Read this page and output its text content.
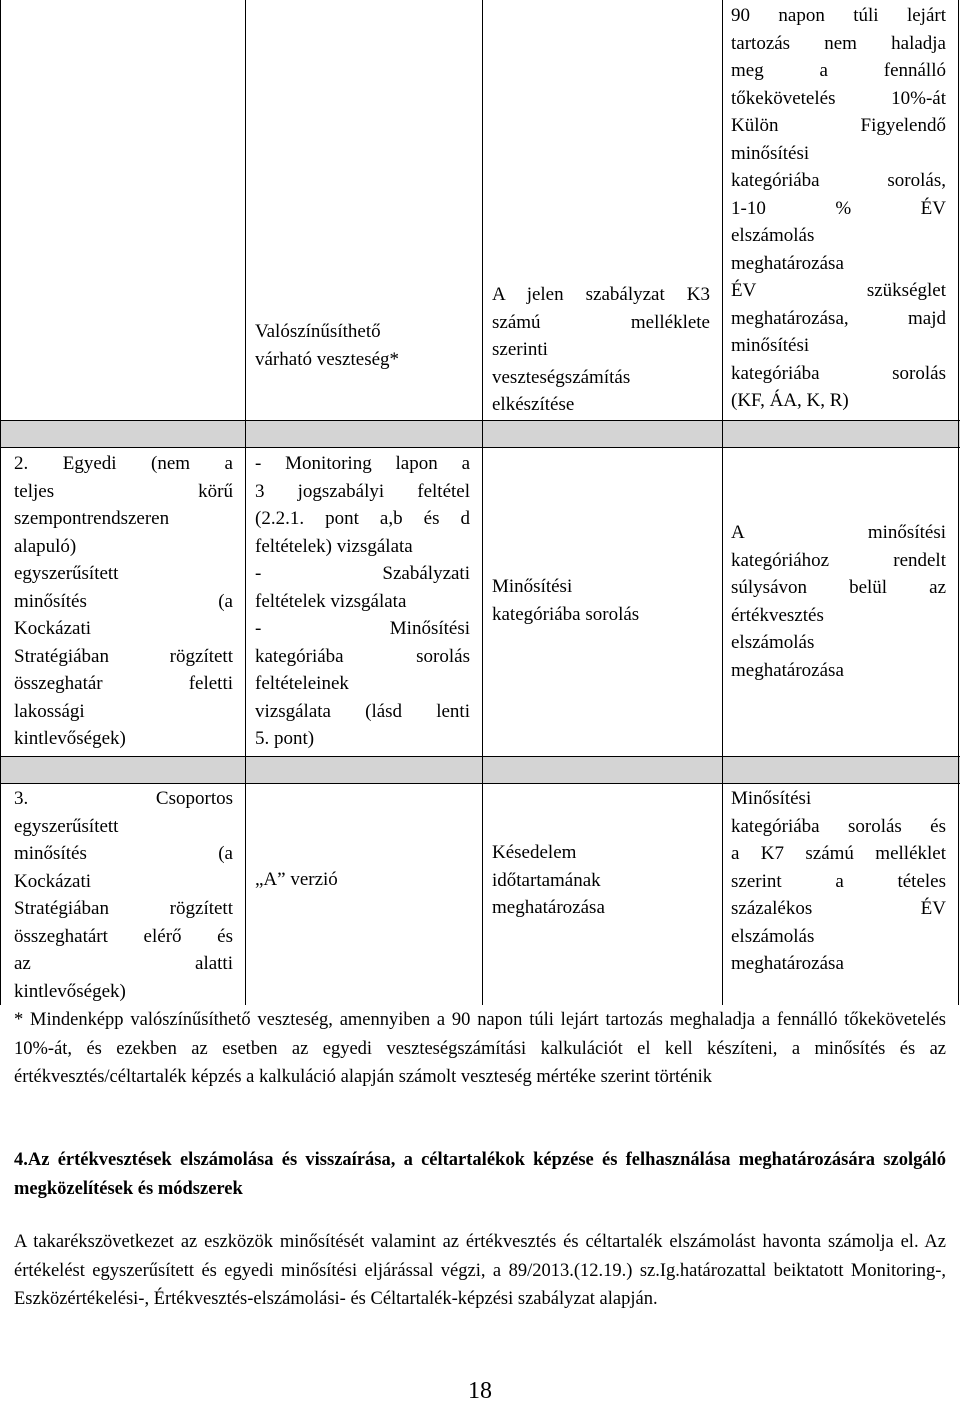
Valószínűsíthető
várható veszteség*
A jelen szabályzat K3
számú melléklete
szerinti
veszteségszámítás
elkészítése
90 napon túli lejárt
tartozás nem haladja
meg a fennálló
tőkekövetelés 10%-át
Külön Figyelendő
minősítési
kategóriába sorolás,
1-10 % ÉV
elszámolás
meghatározása
ÉV szükséglet
meghatározása, majd
minősítési
kategóriába sorolás
(KF, ÁA, K, R)
2. Egyedi (nem a
teljes körű
szempontrendszeren
alapuló)
egyszerűsített
minősítés (a
Kockázati
Stratégiában rögzített
összeghatár feletti
lakossági
kintlevőségek)
- Monitoring lapon a
3 jogszabályi feltétel
(2.2.1. pont a,b és d
feltételek) vizsgálata
- Szabályzati
feltételek vizsgálata
- Minősítési
kategóriába sorolás
feltételeinek
vizsgálata (lásd lenti
5. pont)
Minősítési
kategóriába sorolás
A minősítési
kategóriához rendelt
súlysávon belül az
értékvesztés
elszámolás
meghatározása
3. Csoportos
egyszerűsített
minősítés (a
Kockázati
Stratégiában rögzített
összeghatárt elérő és
az alatti
kintlevőségek)
„A” verzió
Késedelem
időtartamának
meghatározása
Minősítési
kategóriába sorolás és
a K7 számú melléklet
szerint a tételes
százalékos ÉV
elszámolás
meghatározása
* Mindenképp valószínűsíthető veszteség, amennyiben a 90 napon túli lejárt tartozás meghaladja a fennálló tőkekövetelés 10%-át, és ezekben az esetben az egyedi veszteségszámítási kalkulációt el kell készíteni, a minősítés és az értékvesztés/céltartalék képzés a kalkuláció alapján számolt veszteség mértéke szerint történik
4.Az értékvesztések elszámolása és visszaírása, a céltartalékok képzése és felhasználása meghatározására szolgáló megközelítések és módszerek
A takarékszövetkezet az eszközök minősítését valamint az értékvesztés és céltartalék elszámolást havonta számolja el. Az értékelést egyszerűsített és egyedi minősítési eljárással végzi, a 89/2013.(12.19.) sz.Ig.határozattal beiktatott Monitoring-, Eszközértékelési-, Értékvesztés-elszámolási- és Céltartalék-képzési szabályzat alapján.
18
